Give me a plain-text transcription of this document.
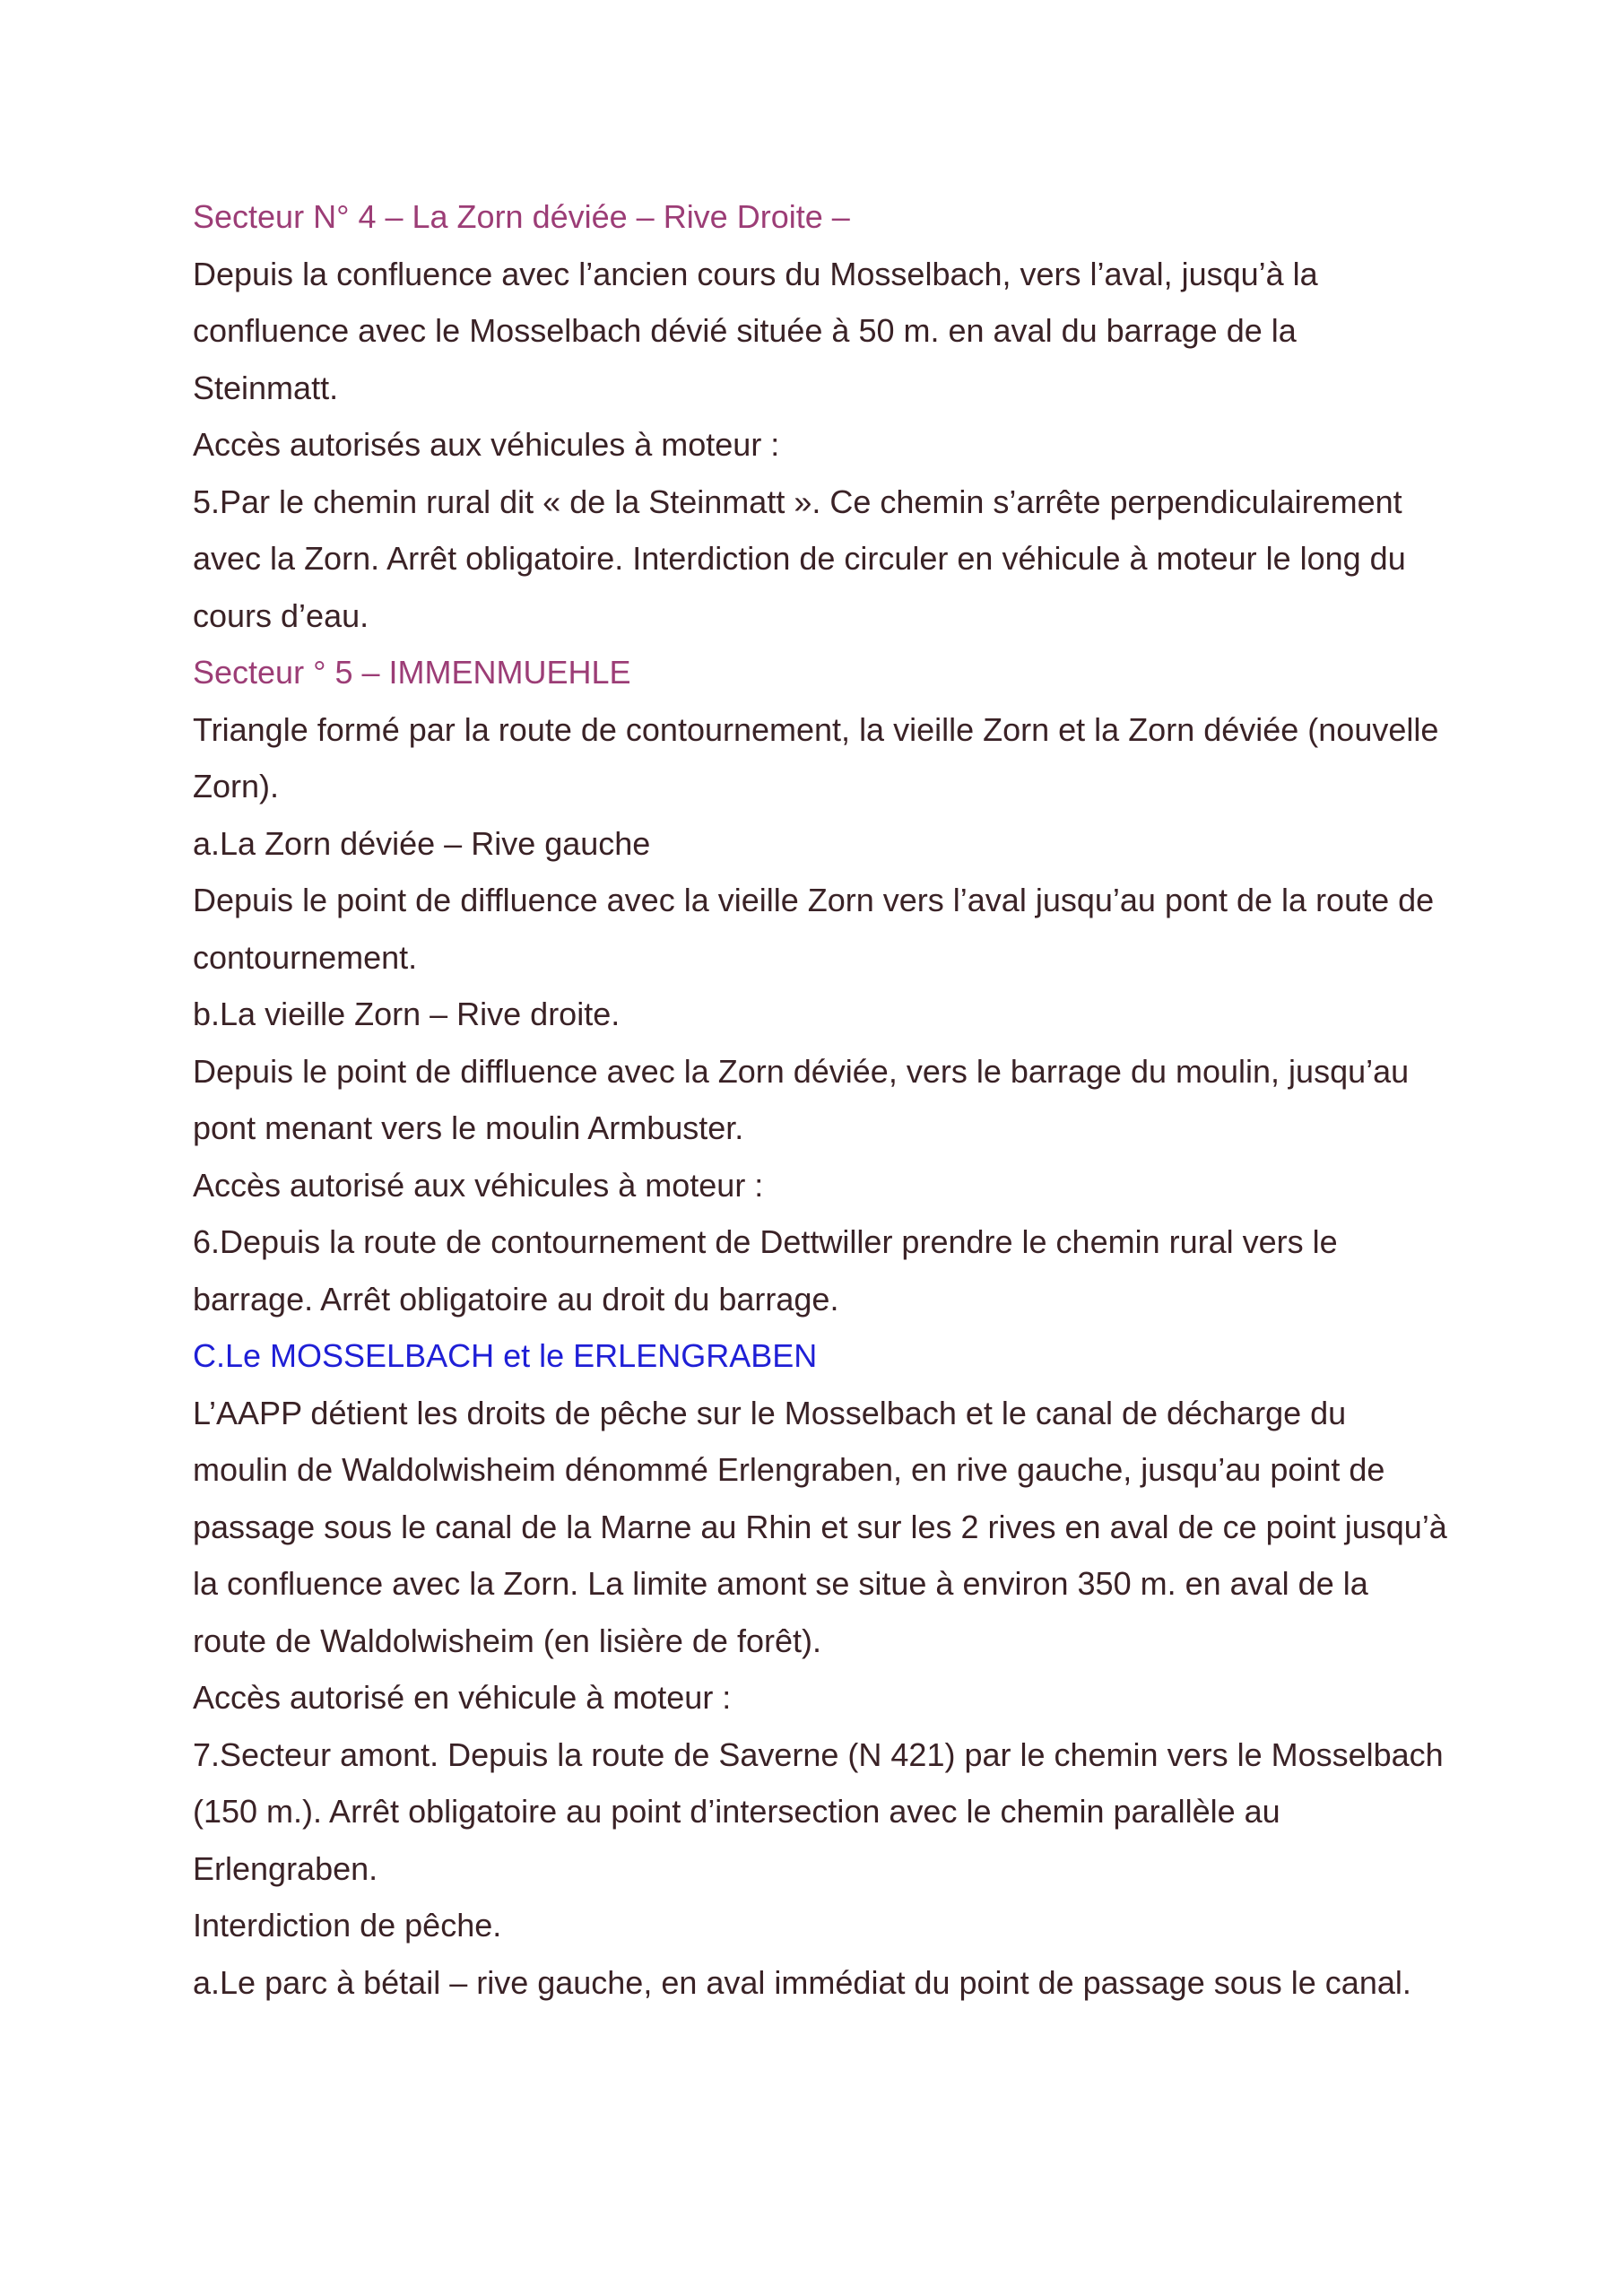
Secteur N° 4 – La Zorn déviée – Rive Droite –

Depuis la confluence avec l’ancien cours du Mosselbach, vers l’aval, jusqu’à la confluence avec le Mosselbach dévié située à 50 m. en aval du barrage de la Steinmatt.

Accès autorisés aux véhicules à moteur :

5.Par le chemin rural dit « de la Steinmatt ». Ce chemin s’arrête perpendiculairement avec la Zorn. Arrêt obligatoire. Interdiction de circuler en véhicule à moteur le long du cours d’eau.

Secteur ° 5 – IMMENMUEHLE

Triangle formé par la route de contournement, la vieille Zorn et la Zorn déviée (nouvelle Zorn).

a.La Zorn déviée – Rive gauche

Depuis le point de diffluence avec la vieille Zorn vers l’aval jusqu’au pont de la route de contournement.

b.La vieille Zorn – Rive droite.

Depuis le point de diffluence avec la Zorn déviée, vers le barrage du moulin, jusqu’au pont menant vers le moulin Armbuster.

Accès autorisé aux véhicules à moteur :

6.Depuis la route de contournement de Dettwiller prendre le chemin rural vers le barrage. Arrêt obligatoire au droit du barrage.

C.Le MOSSELBACH et le ERLENGRABEN

L’AAPP détient les droits de pêche sur le Mosselbach et le canal de décharge du moulin de Waldolwisheim dénommé Erlengraben, en rive gauche, jusqu’au point de passage sous le canal de la Marne au Rhin et sur les 2 rives en aval de ce point jusqu’à la confluence avec la Zorn. La limite amont se situe à environ 350 m. en aval de la route de Waldolwisheim (en lisière de forêt).

Accès autorisé en véhicule à moteur :

7.Secteur amont. Depuis la route de Saverne (N 421) par le chemin vers le Mosselbach (150 m.). Arrêt obligatoire au point d’intersection avec le chemin parallèle au Erlengraben.

Interdiction de pêche.

a.Le parc à bétail – rive gauche, en aval immédiat du point de passage sous le canal.
